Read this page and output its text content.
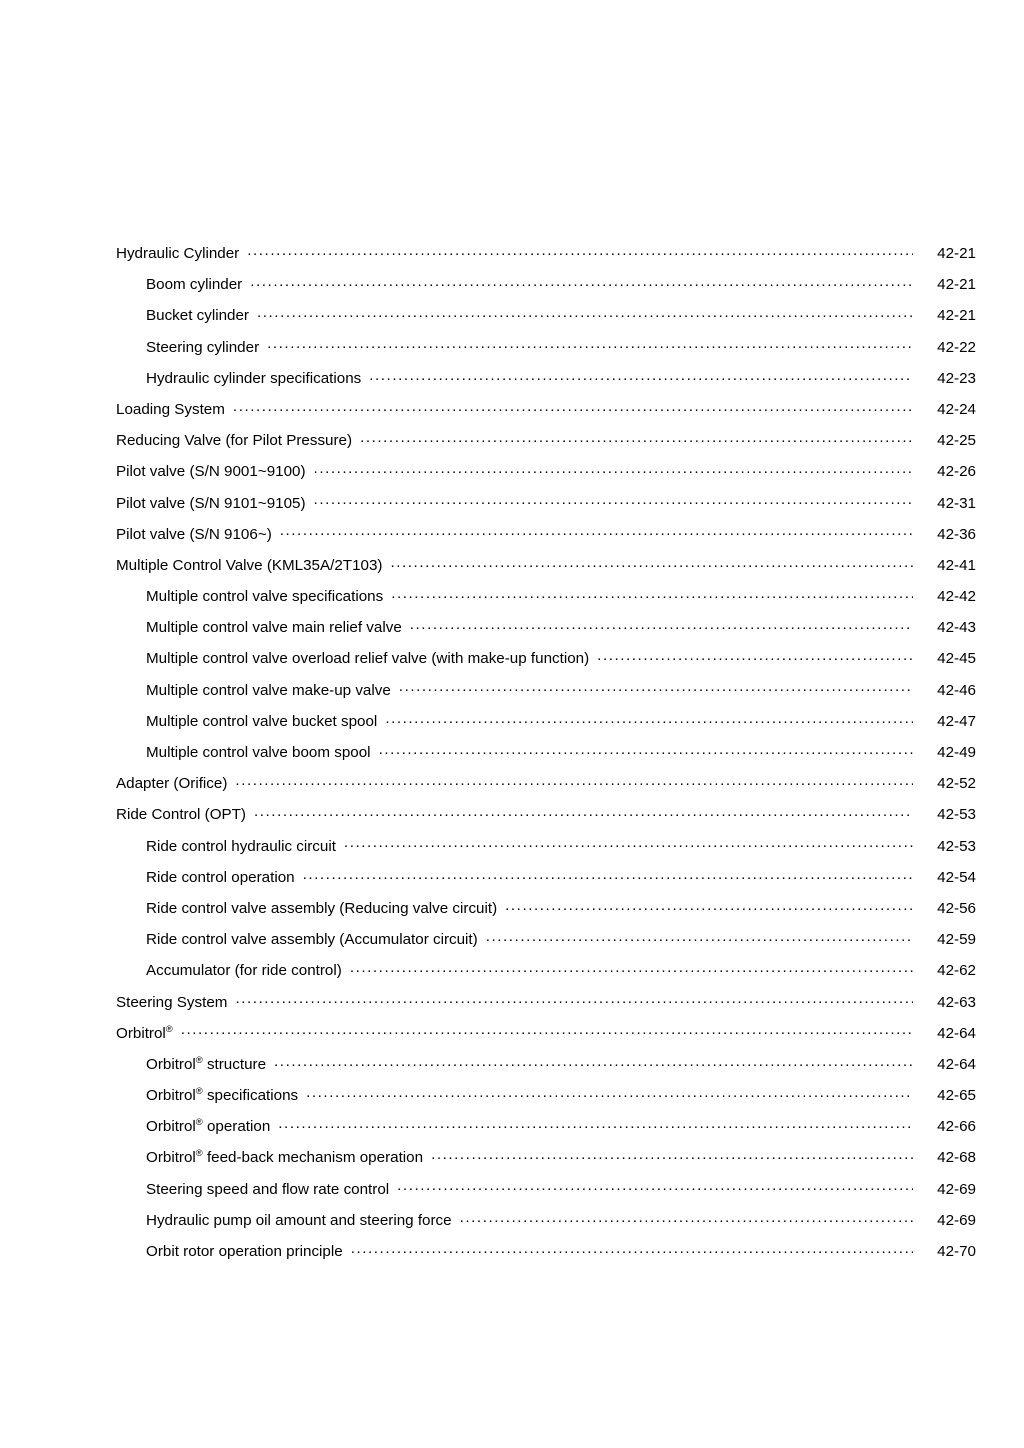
Hydraulic Cylinder .....	42-21
Boom cylinder .....	42-21
Bucket cylinder .....	42-21
Steering cylinder .....	42-22
Hydraulic cylinder specifications .....	42-23
Loading System .....	42-24
Reducing Valve (for Pilot Pressure) .....	42-25
Pilot valve (S/N 9001~9100) .....	42-26
Pilot valve (S/N 9101~9105) .....	42-31
Pilot valve (S/N 9106~) .....	42-36
Multiple Control Valve (KML35A/2T103) .....	42-41
Multiple control valve specifications .....	42-42
Multiple control valve main relief valve .....	42-43
Multiple control valve overload relief valve (with make-up function) .....	42-45
Multiple control valve make-up valve .....	42-46
Multiple control valve bucket spool .....	42-47
Multiple control valve boom spool .....	42-49
Adapter (Orifice) .....	42-52
Ride Control (OPT) .....	42-53
Ride control hydraulic circuit .....	42-53
Ride control operation .....	42-54
Ride control valve assembly (Reducing valve circuit) .....	42-56
Ride control valve assembly (Accumulator circuit) .....	42-59
Accumulator (for ride control) .....	42-62
Steering System .....	42-63
Orbitrol® .....	42-64
Orbitrol® structure .....	42-64
Orbitrol® specifications .....	42-65
Orbitrol® operation .....	42-66
Orbitrol® feed-back mechanism operation .....	42-68
Steering speed and flow rate control .....	42-69
Hydraulic pump oil amount and steering force .....	42-69
Orbit rotor operation principle .....	42-70
